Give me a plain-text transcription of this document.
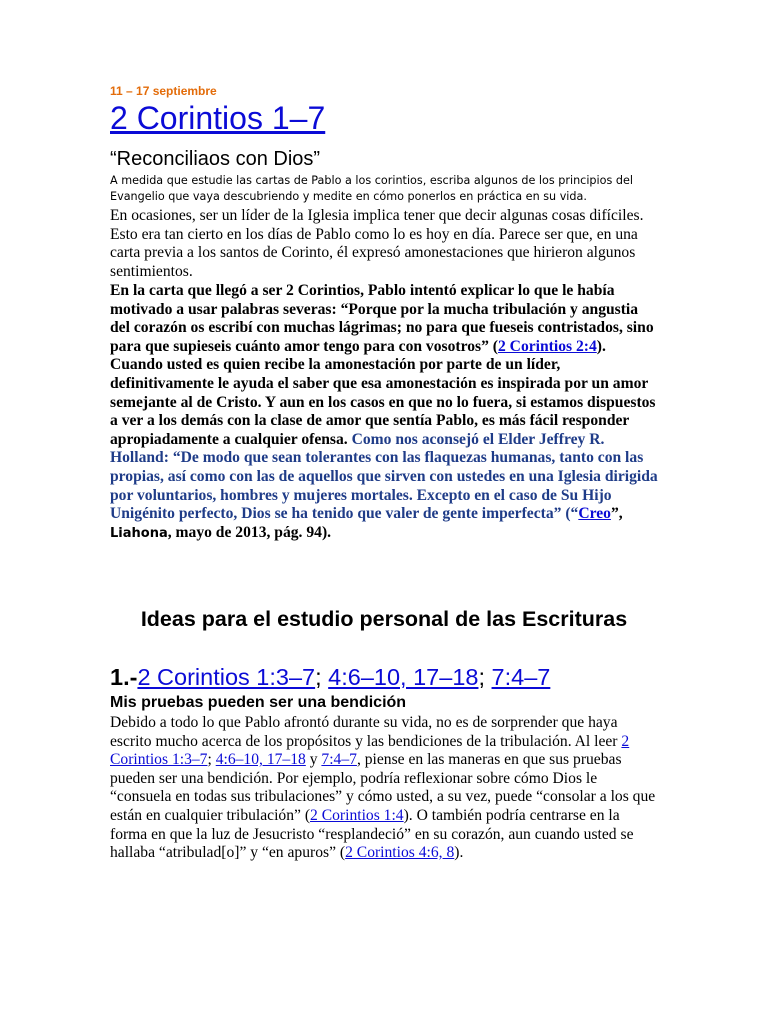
11 – 17 septiembre
2 Corintios 1–7
“Reconciliaos con Dios”
A medida que estudie las cartas de Pablo a los corintios, escriba algunos de los principios del Evangelio que vaya descubriendo y medite en cómo ponerlos en práctica en su vida.
En ocasiones, ser un líder de la Iglesia implica tener que decir algunas cosas difíciles. Esto era tan cierto en los días de Pablo como lo es hoy en día. Parece ser que, en una carta previa a los santos de Corinto, él expresó amonestaciones que hirieron algunos sentimientos.
En la carta que llegó a ser 2 Corintios, Pablo intentó explicar lo que le había motivado a usar palabras severas: “Porque por la mucha tribulación y angustia del corazón os escribí con muchas lágrimas; no para que fueseis contristados, sino para que supieseis cuánto amor tengo para con vosotros” (2 Corintios 2:4). Cuando usted es quien recibe la amonestación por parte de un líder, definitivamente le ayuda el saber que esa amonestación es inspirada por un amor semejante al de Cristo. Y aun en los casos en que no lo fuera, si estamos dispuestos a ver a los demás con la clase de amor que sentía Pablo, es más fácil responder apropiadamente a cualquier ofensa. Como nos aconsejó el Elder Jeffrey R. Holland: “De modo que sean tolerantes con las flaquezas humanas, tanto con las propias, así como con las de aquellos que sirven con ustedes en una Iglesia dirigida por voluntarios, hombres y mujeres mortales. Excepto en el caso de Su Hijo Unigénito perfecto, Dios se ha tenido que valer de gente imperfecta” (“Creo”, Liahona, mayo de 2013, pág. 94).
Ideas para el estudio personal de las Escrituras
1.-2 Corintios 1:3–7; 4:6–10, 17–18; 7:4–7
Mis pruebas pueden ser una bendición
Debido a todo lo que Pablo afrontó durante su vida, no es de sorprender que haya escrito mucho acerca de los propósitos y las bendiciones de la tribulación. Al leer 2 Corintios 1:3–7; 4:6–10, 17–18 y 7:4–7, piense en las maneras en que sus pruebas pueden ser una bendición. Por ejemplo, podría reflexionar sobre cómo Dios le “consuela en todas sus tribulaciones” y cómo usted, a su vez, puede “consolar a los que están en cualquier tribulación” (2 Corintios 1:4). O también podría centrarse en la forma en que la luz de Jesucristo “resplandeció” en su corazón, aun cuando usted se hallaba “atribulad[o]” y “en apuros” (2 Corintios 4:6, 8).
